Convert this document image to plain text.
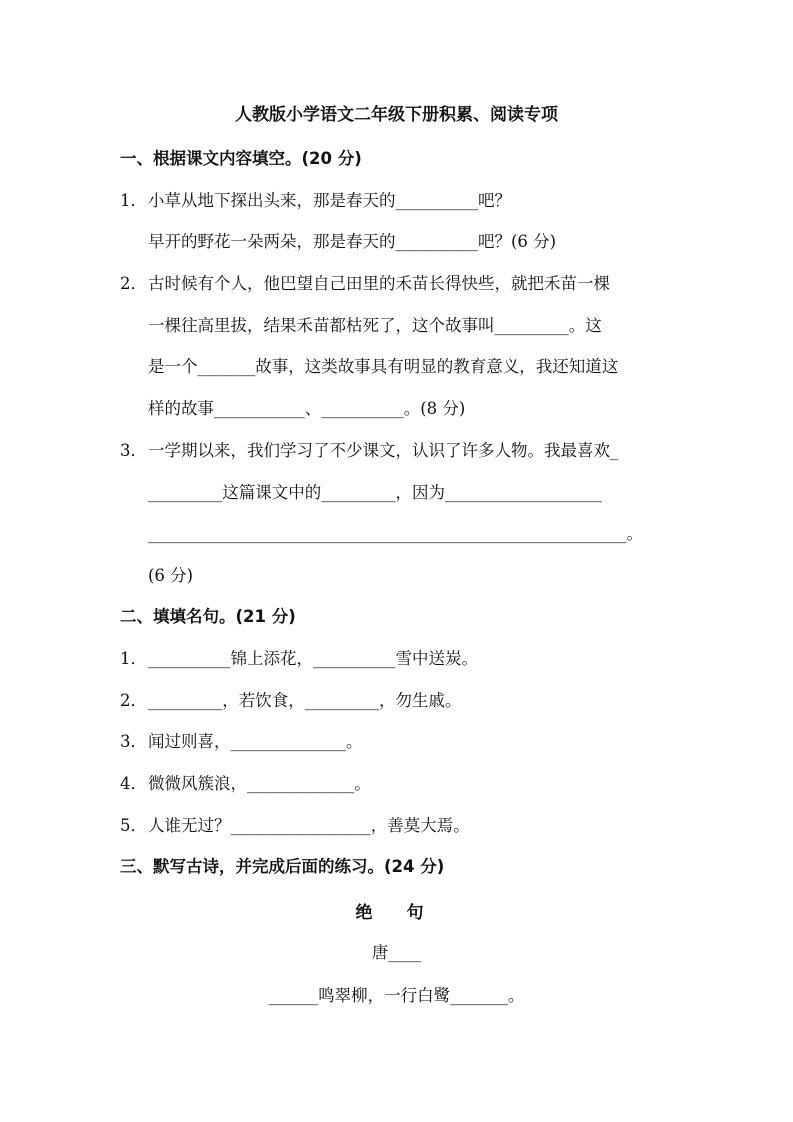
人教版小学语文二年级下册积累、阅读专项
一、根据课文内容填空。(20 分)
1．小草从地下探出头来，那是春天的__________吧？
早开的野花一朵两朵，那是春天的__________吧？(6 分)
2．古时候有个人，他巴望自己田里的禾苗长得快些，就把禾苗一棵
一棵往高里拔，结果禾苗都枯死了，这个故事叫_________。这
是一个_______故事，这类故事具有明显的教育意义，我还知道这
样的故事___________、__________。(8 分)
3．一学期以来，我们学习了不少课文，认识了许多人物。我最喜欢_
_________这篇课文中的_________，因为___________________
__________________________________________________________。
(6 分)
二、填填名句。(21 分)
1．__________锦上添花，__________雪中送炭。
2．_________，若饮食，_________，勿生戚。
3．闻过则喜，______________。
4．微微风簇浪，_____________。
5．人谁无过？_________________，善莫大焉。
三、默写古诗，并完成后面的练习。(24 分)
绝 句
唐____
______鸣翠柳，一行白鹭_______。
